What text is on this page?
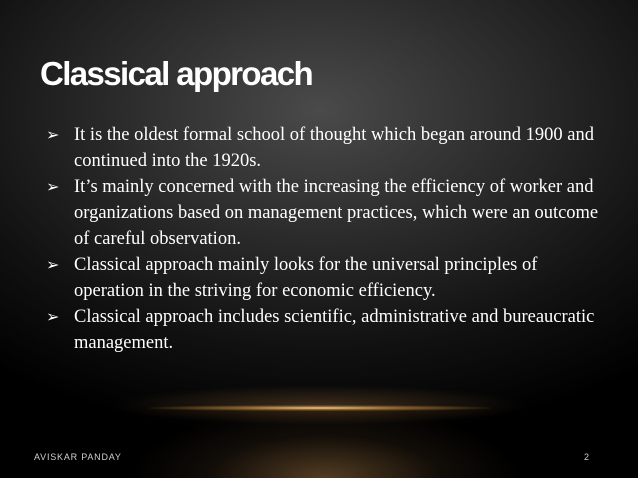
Classical approach
➢ It is the oldest formal school of thought which began around 1900 and continued into the 1920s.
➢ It’s mainly concerned with the increasing the efficiency of worker and organizations based on management practices, which were an outcome of careful observation.
➢ Classical approach mainly looks for the universal principles of operation in the striving for economic efficiency.
➢ Classical approach includes scientific, administrative and bureaucratic management.
AVISKAR PANDAY	2
